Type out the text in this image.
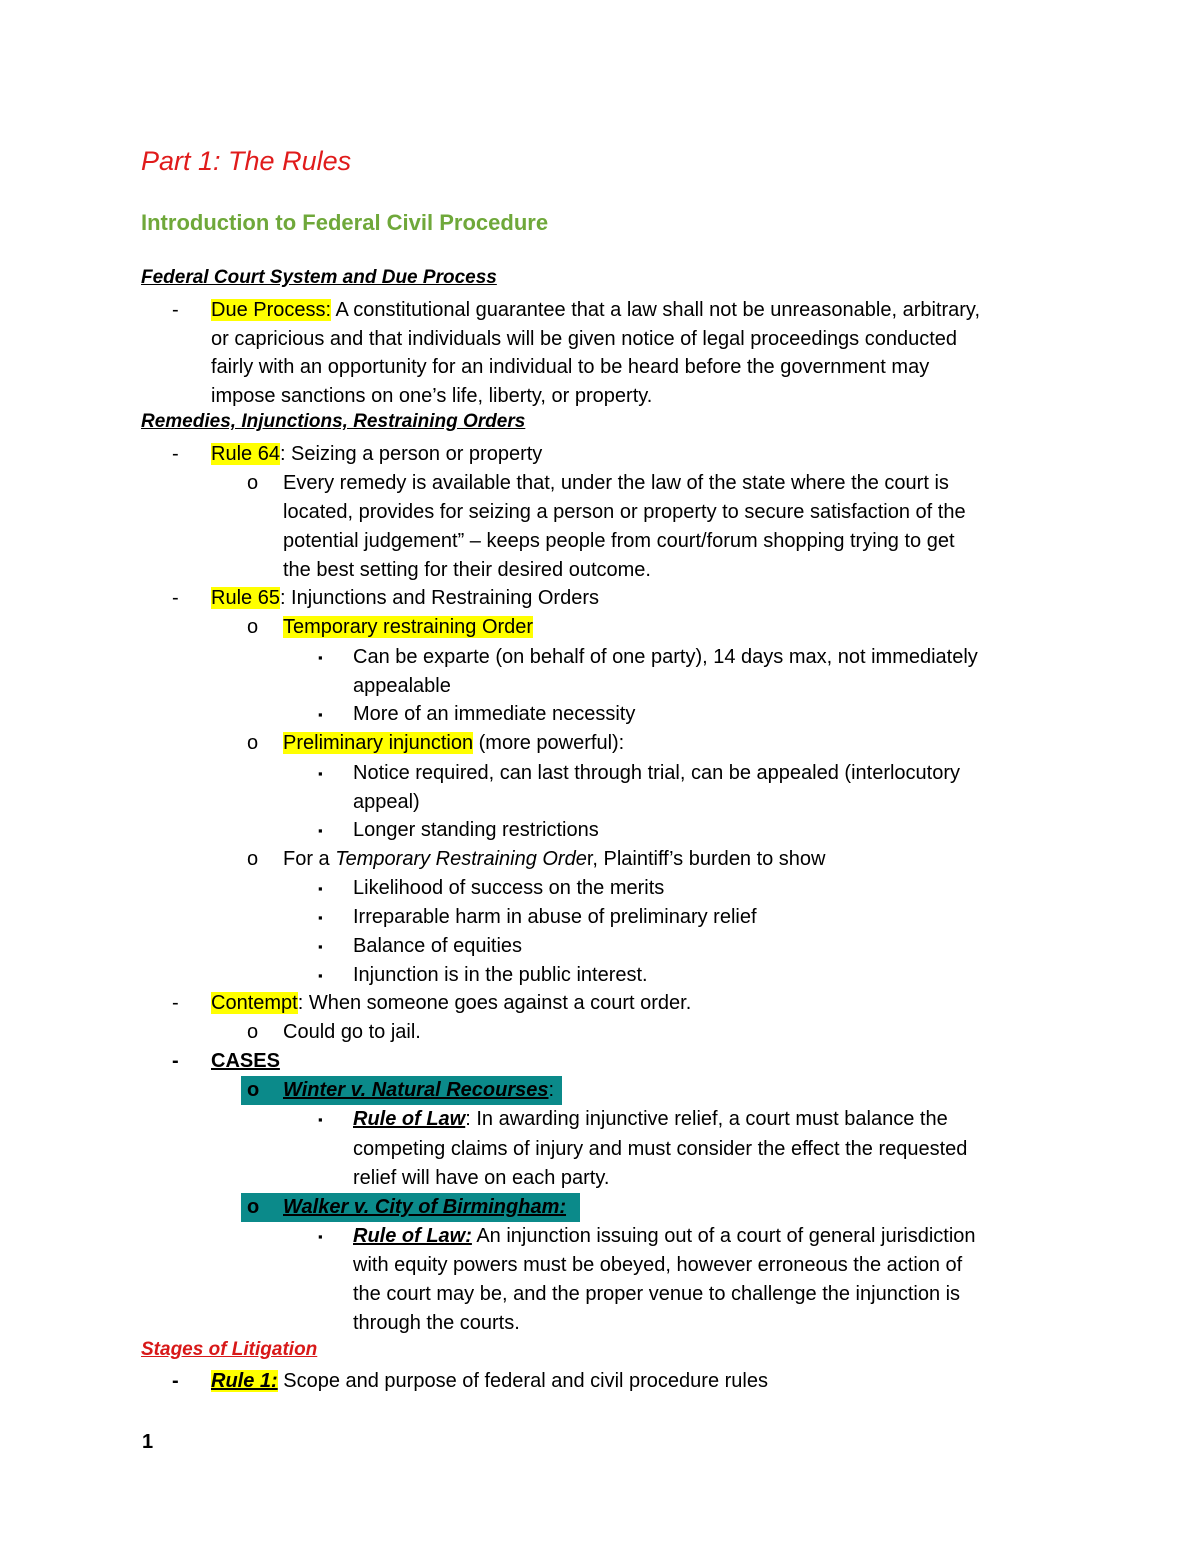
Part 1: The Rules
Introduction to Federal Civil Procedure
Federal Court System and Due Process
- Due Process: A constitutional guarantee that a law shall not be unreasonable, arbitrary,
or capricious and that individuals will be given notice of legal proceedings conducted
fairly with an opportunity for an individual to be heard before the government may
impose sanctions on one’s life, liberty, or property.
Remedies, Injunctions, Restraining Orders
- Rule 64: Seizing a person or property
o Every remedy is available that, under the law of the state where the court is
located, provides for seizing a person or property to secure satisfaction of the
potential judgement” – keeps people from court/forum shopping trying to get
the best setting for their desired outcome.
- Rule 65: Injunctions and Restraining Orders
o Temporary restraining Order
▪ Can be exparte (on behalf of one party), 14 days max, not immediately
appealable
▪ More of an immediate necessity
o Preliminary injunction (more powerful):
▪ Notice required, can last through trial, can be appealed (interlocutory
appeal)
▪ Longer standing restrictions
o For a Temporary Restraining Order, Plaintiff’s burden to show
▪ Likelihood of success on the merits
▪ Irreparable harm in abuse of preliminary relief
▪ Balance of equities
▪ Injunction is in the public interest.
- Contempt: When someone goes against a court order.
o Could go to jail.
- CASES
o Winter v. Natural Recourses:
▪ Rule of Law: In awarding injunctive relief, a court must balance the
competing claims of injury and must consider the effect the requested
relief will have on each party.
o Walker v. City of Birmingham:
▪ Rule of Law: An injunction issuing out of a court of general jurisdiction
with equity powers must be obeyed, however erroneous the action of
the court may be, and the proper venue to challenge the injunction is
through the courts.
Stages of Litigation
- Rule 1: Scope and purpose of federal and civil procedure rules
1
